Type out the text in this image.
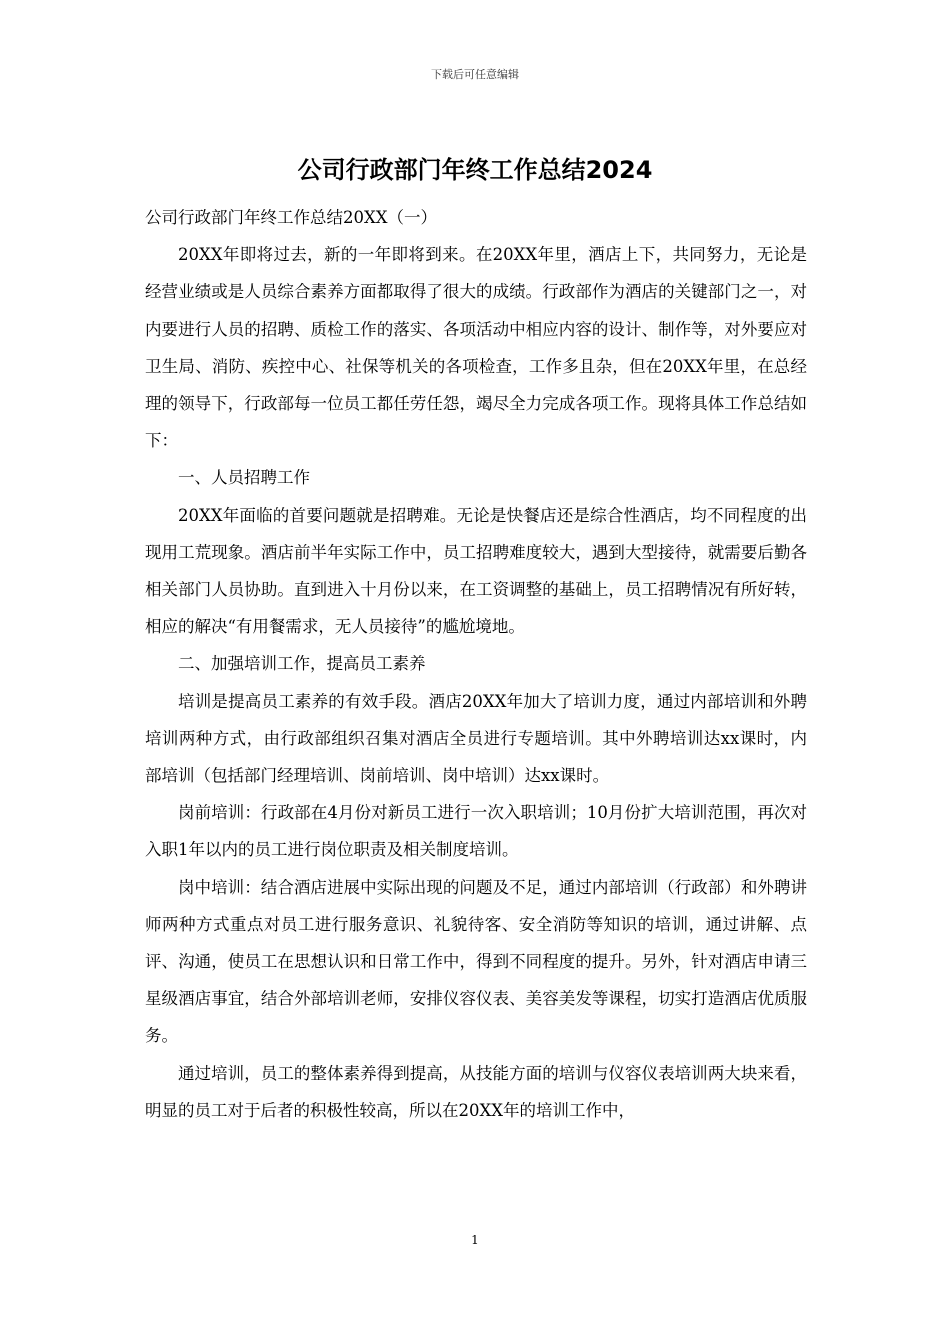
下载后可任意编辑
公司行政部门年终工作总结2024

公司行政部门年终工作总结20XX（一）

20XX年即将过去，新的一年即将到来。在20XX年里，酒店上下，共同努力，无论是经营业绩或是人员综合素养方面都取得了很大的成绩。行政部作为酒店的关键部门之一，对内要进行人员的招聘、质检工作的落实、各项活动中相应内容的设计、制作等，对外要应对卫生局、消防、疾控中心、社保等机关的各项检查，工作多且杂，但在20XX年里，在总经理的领导下，行政部每一位员工都任劳任怨，竭尽全力完成各项工作。现将具体工作总结如下：

一、人员招聘工作

20XX年面临的首要问题就是招聘难。无论是快餐店还是综合性酒店，均不同程度的出现用工荒现象。酒店前半年实际工作中，员工招聘难度较大，遇到大型接待，就需要后勤各相关部门人员协助。直到进入十月份以来，在工资调整的基础上，员工招聘情况有所好转，相应的解决“有用餐需求，无人员接待”的尴尬境地。

二、加强培训工作，提高员工素养

培训是提高员工素养的有效手段。酒店20XX年加大了培训力度，通过内部培训和外聘培训两种方式，由行政部组织召集对酒店全员进行专题培训。其中外聘培训达xx课时，内部培训（包括部门经理培训、岗前培训、岗中培训）达xx课时。

岗前培训：行政部在4月份对新员工进行一次入职培训；10月份扩大培训范围，再次对入职1年以内的员工进行岗位职责及相关制度培训。

岗中培训：结合酒店进展中实际出现的问题及不足，通过内部培训（行政部）和外聘讲师两种方式重点对员工进行服务意识、礼貌待客、安全消防等知识的培训，通过讲解、点评、沟通，使员工在思想认识和日常工作中，得到不同程度的提升。另外，针对酒店申请三星级酒店事宜，结合外部培训老师，安排仪容仪表、美容美发等课程，切实打造酒店优质服务。

通过培训，员工的整体素养得到提高，从技能方面的培训与仪容仪表培训两大块来看，明显的员工对于后者的积极性较高，所以在20XX年的培训工作中，

1
